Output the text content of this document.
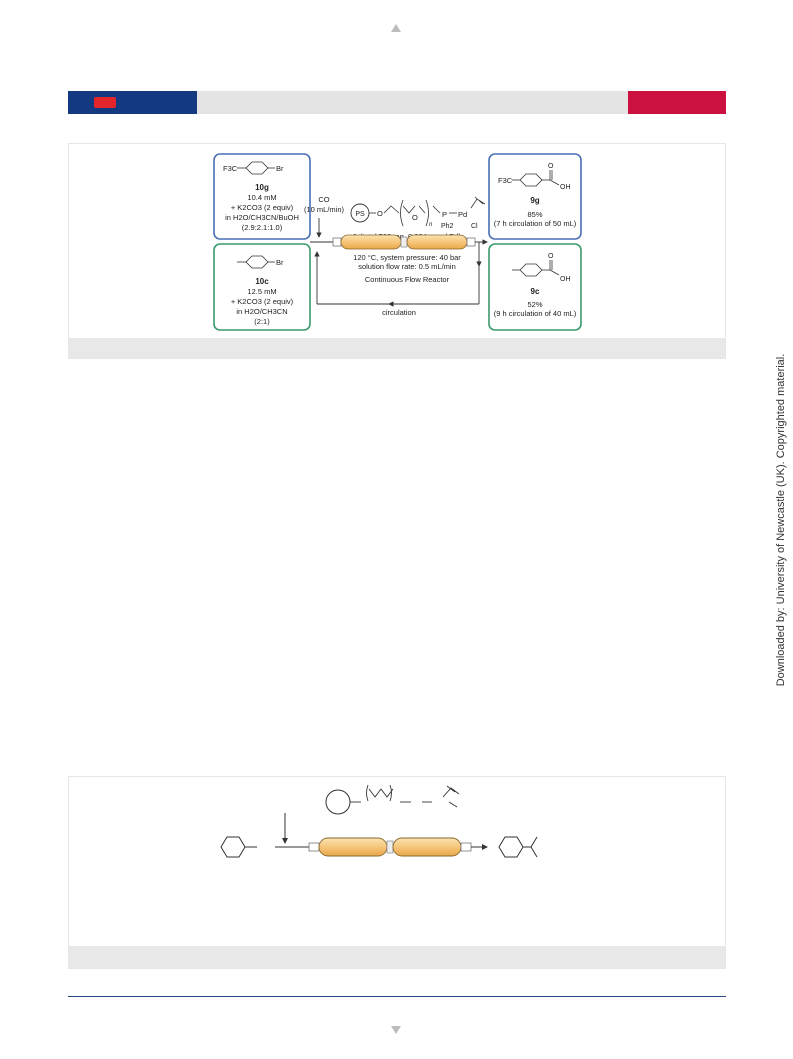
F3C	Br
10g
10.4 mM
+ K2CO3 (2 equiv)
in H2O/CH3CN/BuOH
(2.9:2.1:1.0)
Br
10c
12.5 mM
+ K2CO3 (2 equiv)
in H2O/CH3CN
(2:1)
CO
(10 mL/min)
PS O	O
n
P
Ph2
Pd
Cl
mg,
120 °C, system pressure: 40 bar
solution flow rate: 0.5 mL/min
Continuous Flow Reactor
circulation
F3C
O
OH
9g
85%
(7 h circulation of 50 mL)
O
OH
9c
52%
(9 h circulation of 40 mL)
Downloaded by: University of Newcastle (UK). Copyrighted material.
